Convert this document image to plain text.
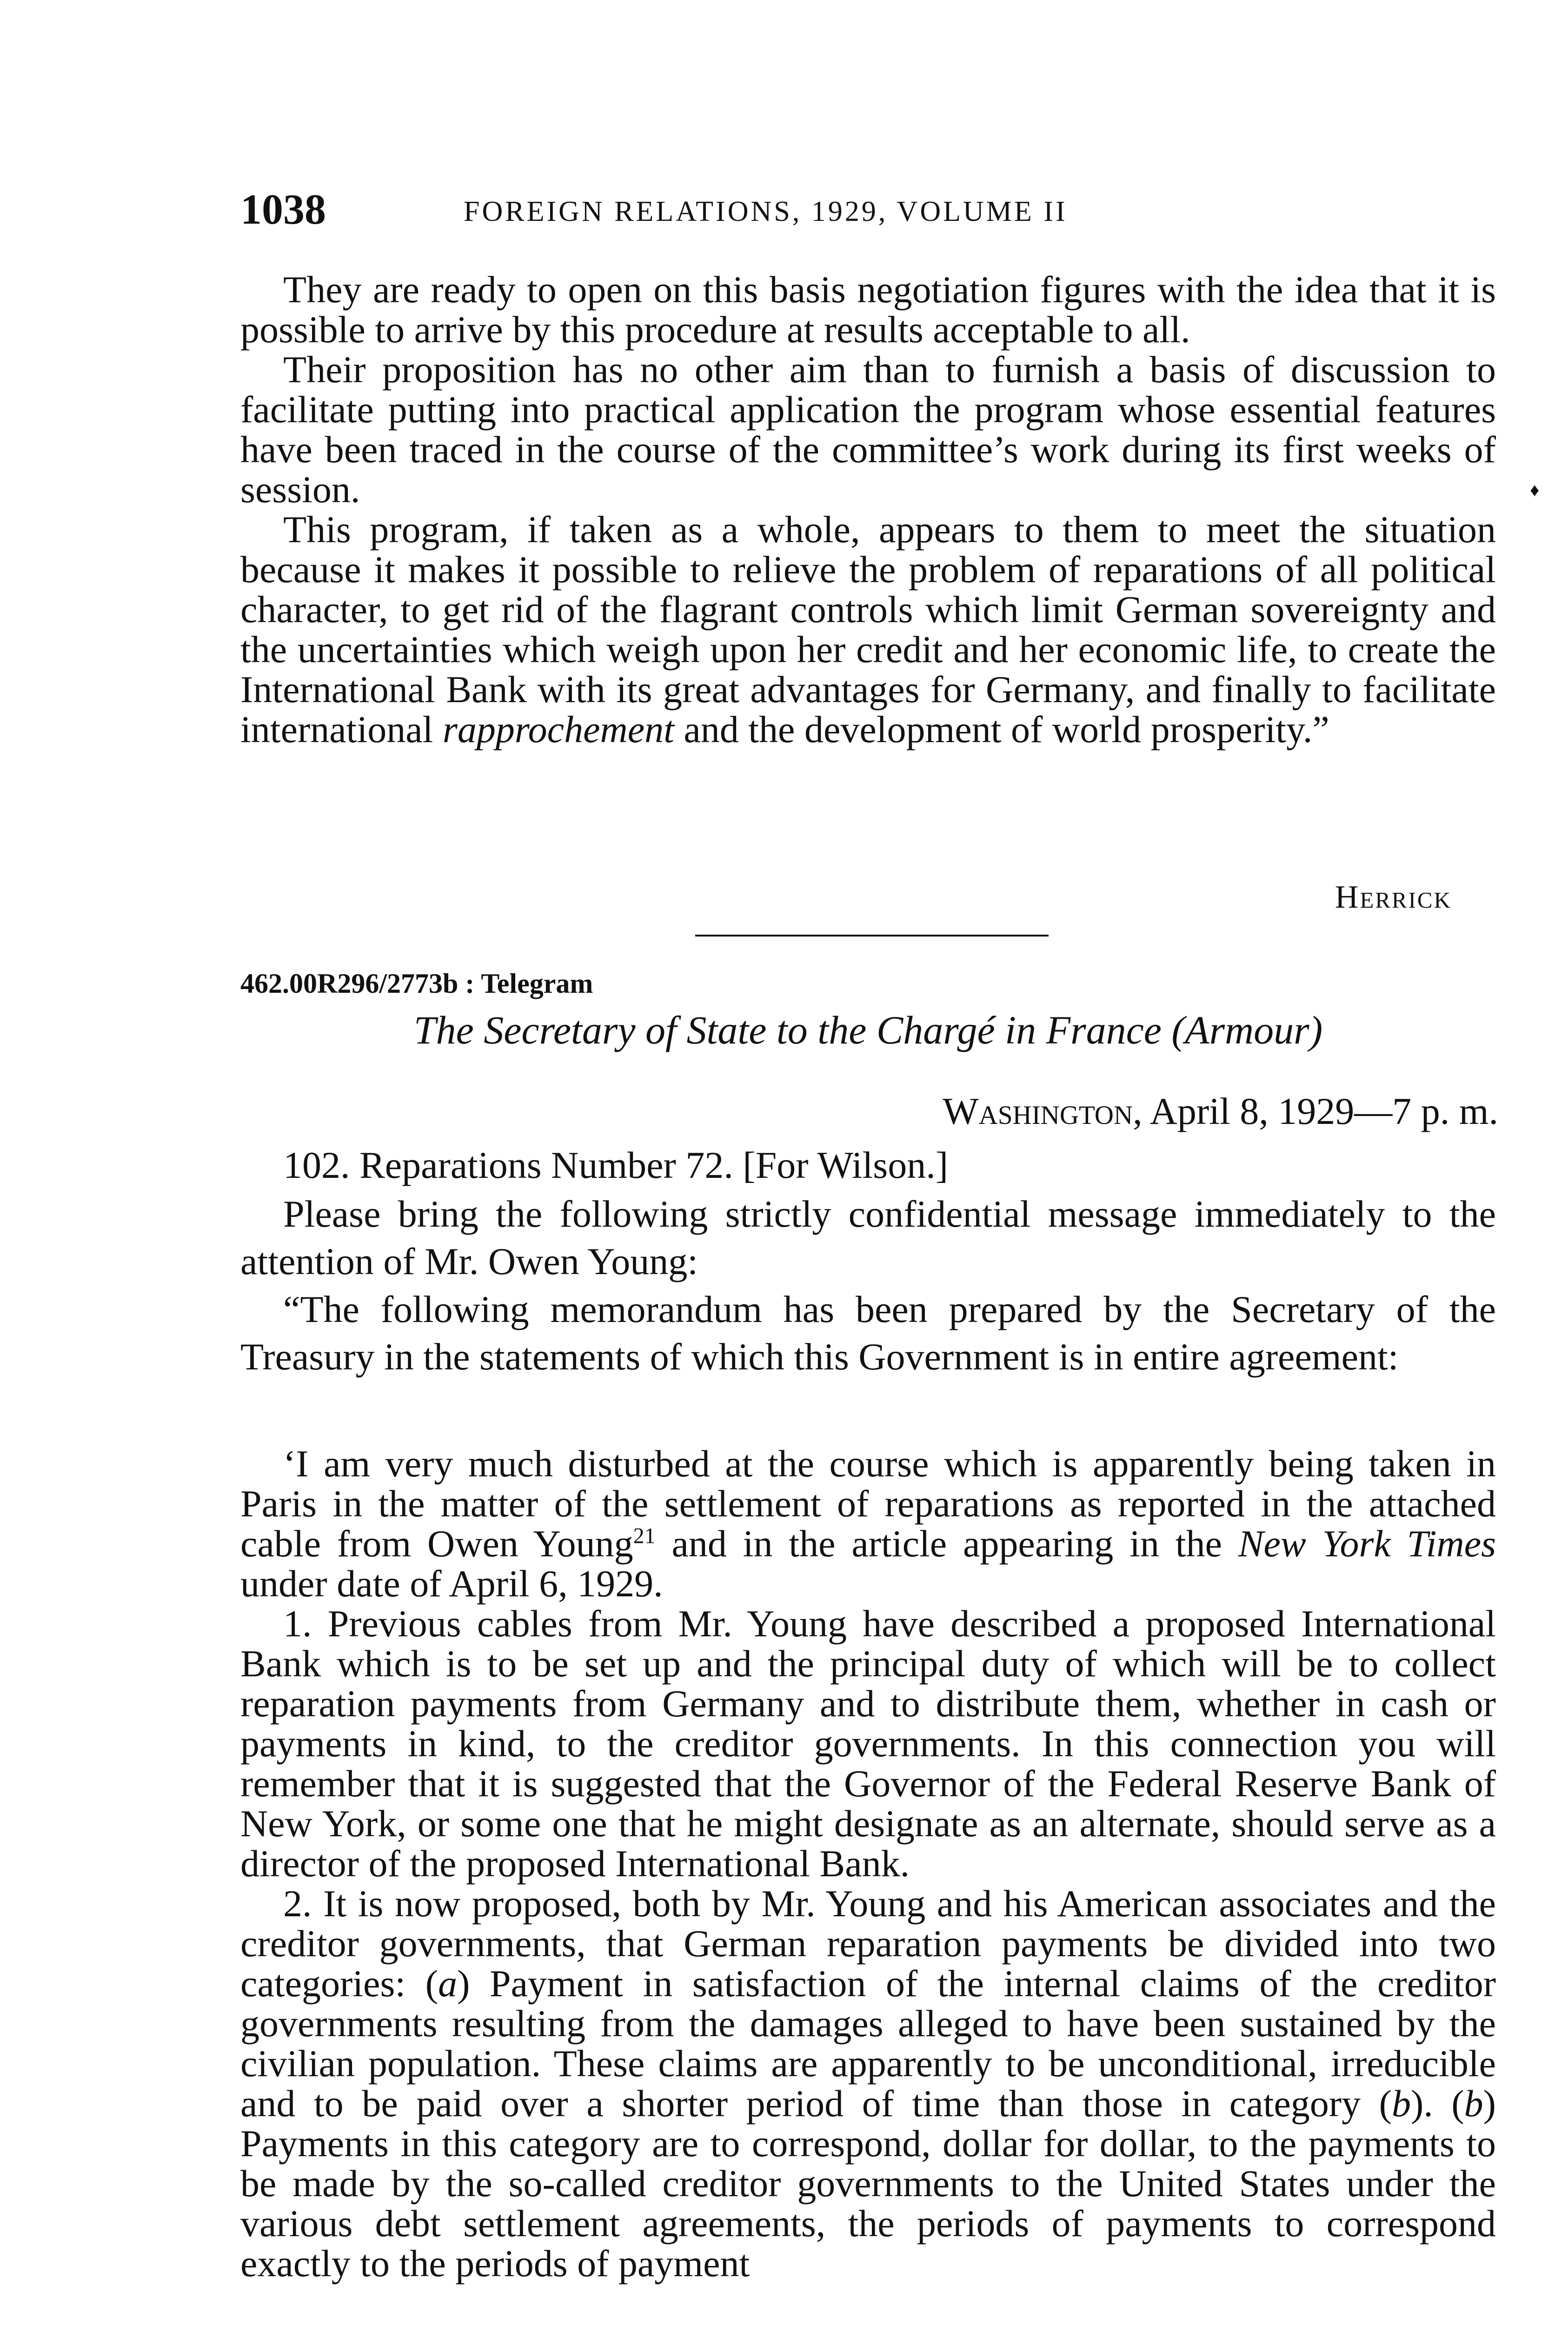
1038	FOREIGN RELATIONS, 1929, VOLUME II

They are ready to open on this basis negotiation figures with the idea that it is possible to arrive by this procedure at results acceptable to all.

Their proposition has no other aim than to furnish a basis of discussion to facilitate putting into practical application the program whose essential features have been traced in the course of the committee’s work during its first weeks of session.

This program, if taken as a whole, appears to them to meet the situation because it makes it possible to relieve the problem of reparations of all political character, to get rid of the flagrant controls which limit German sovereignty and the uncertainties which weigh upon her credit and her economic life, to create the International Bank with its great advantages for Germany, and finally to facilitate international rapprochement and the development of world prosperity.”

Herrick
♦
462.00R296/2773b : Telegram
The Secretary of State to the Chargé in France (Armour)
Washington, April 8, 1929—7 p. m.

102. Reparations Number 72. [For Wilson.]

Please bring the following strictly confidential message immediately to the attention of Mr. Owen Young:

“The following memorandum has been prepared by the Secretary of the Treasury in the statements of which this Government is in entire agreement:

‘I am very much disturbed at the course which is apparently being taken in Paris in the matter of the settlement of reparations as reported in the attached cable from Owen Young$^{21}$ and in the article appearing in the New York Times under date of April 6, 1929.

1. Previous cables from Mr. Young have described a proposed International Bank which is to be set up and the principal duty of which will be to collect reparation payments from Germany and to distribute them, whether in cash or payments in kind, to the creditor governments. In this connection you will remember that it is suggested that the Governor of the Federal Reserve Bank of New York, or some one that he might designate as an alternate, should serve as a director of the proposed International Bank.

2. It is now proposed, both by Mr. Young and his American associates and the creditor governments, that German reparation payments be divided into two categories: (a) Payment in satisfaction of the internal claims of the creditor governments resulting from the damages alleged to have been sustained by the civilian population. These claims are apparently to be unconditional, irreducible and to be paid over a shorter period of time than those in category (b). (b) Payments in this category are to correspond, dollar for dollar, to the payments to be made by the so-called creditor governments to the United States under the various debt settlement agreements, the periods of payments to correspond exactly to the periods of payment
